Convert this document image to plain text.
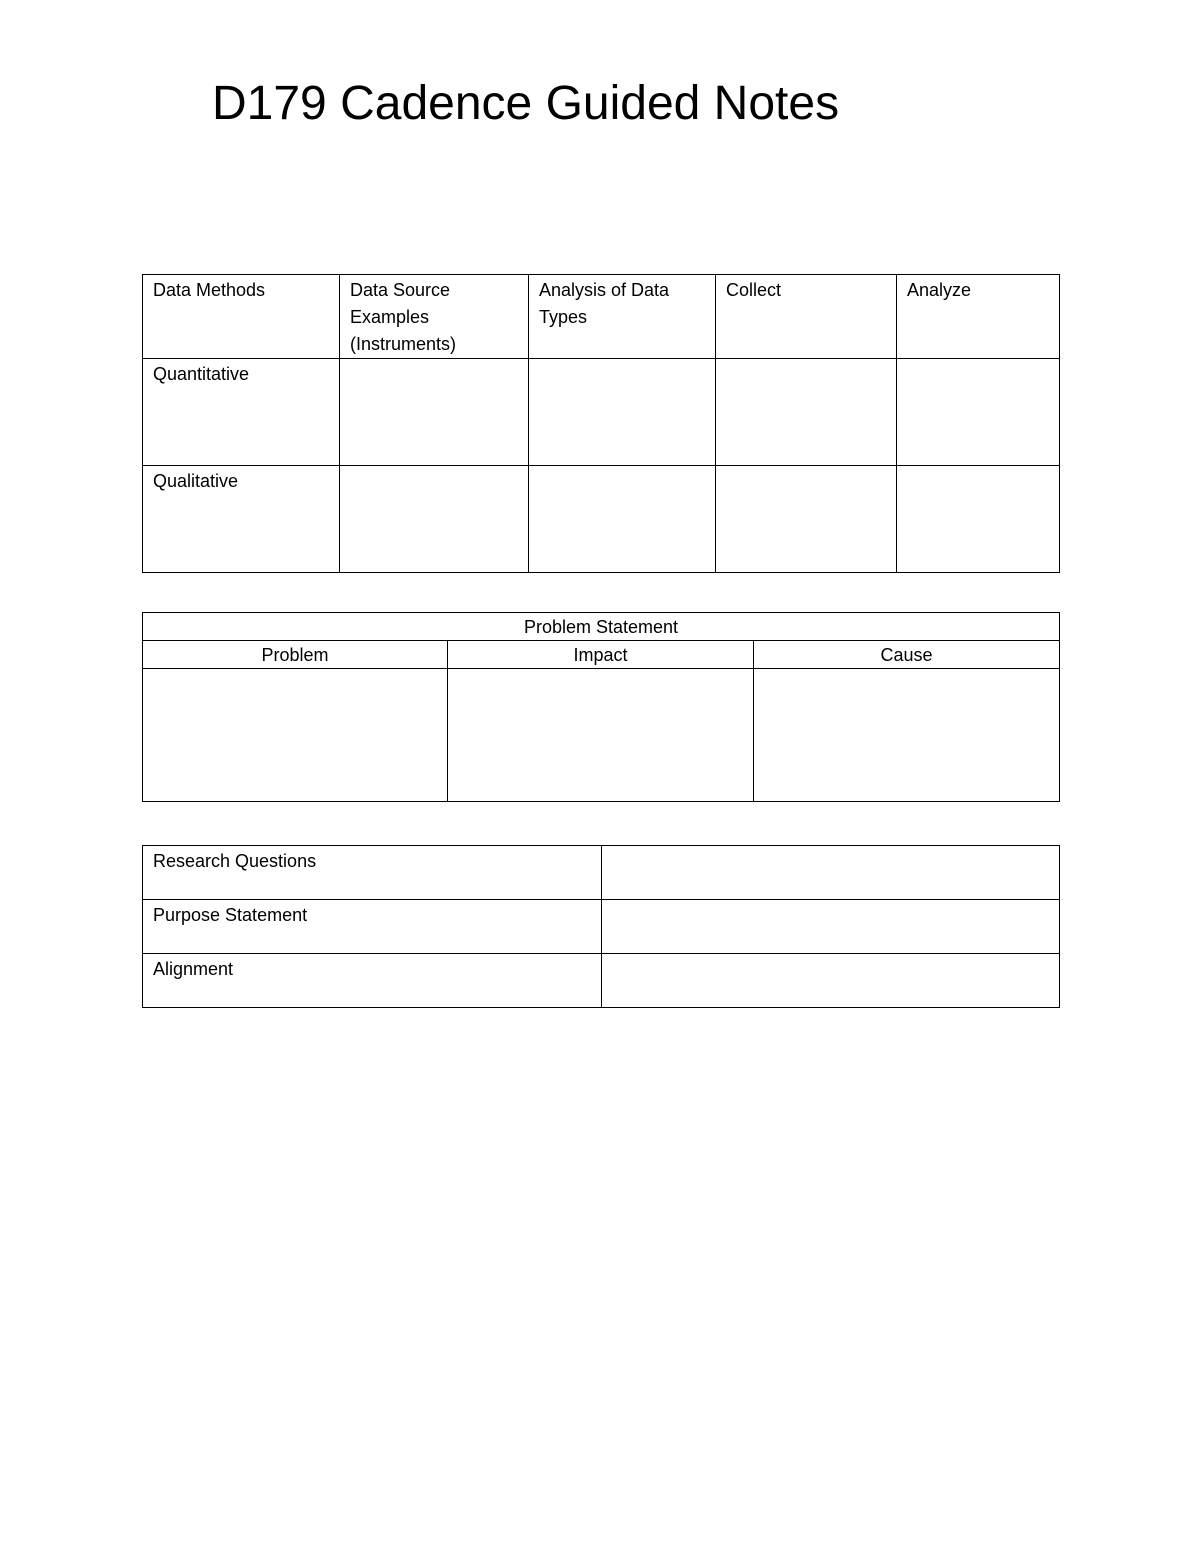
D179 Cadence Guided Notes
Data Methods	Data Source Examples (Instruments)	Analysis of Data Types	Collect	Analyze

Quantitative				

Qualitative				

Problem Statement		

Problem	Impact	Cause

Research Questions	

Purpose Statement	

Alignment	
